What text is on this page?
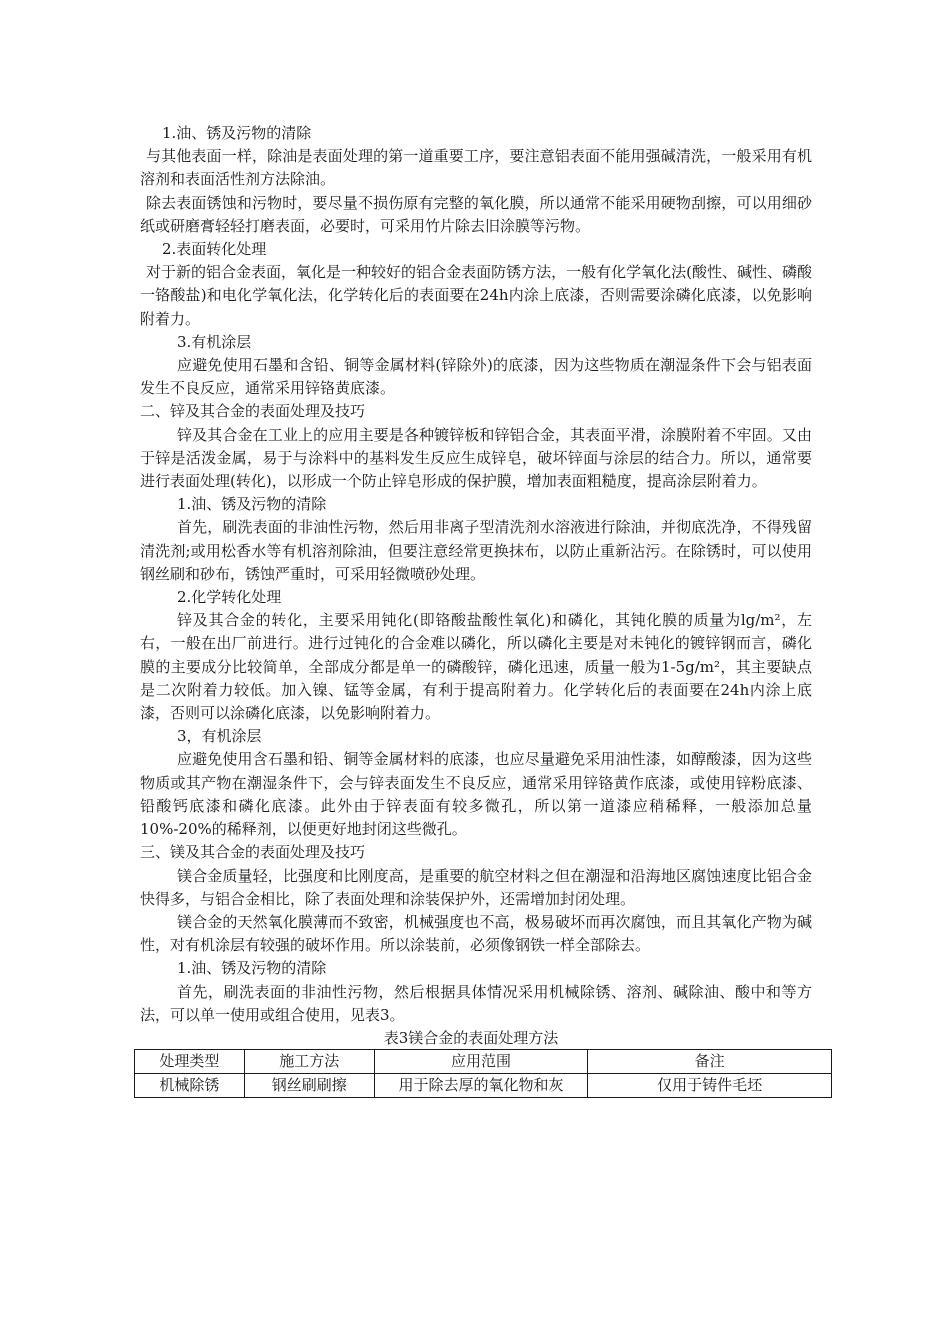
1.油、锈及污物的清除

与其他表面一样，除油是表面处理的第一道重要工序，要注意铝表面不能用强碱清洗，一般采用有机溶剂和表面活性剂方法除油。

除去表面锈蚀和污物时，要尽量不损伤原有完整的氧化膜，所以通常不能采用硬物刮擦，可以用细砂纸或研磨膏轻轻打磨表面，必要时，可采用竹片除去旧涂膜等污物。

2.表面转化处理

对于新的铝合金表面，氧化是一种较好的铝合金表面防锈方法，一般有化学氧化法(酸性、碱性、磷酸一铬酸盐)和电化学氧化法，化学转化后的表面要在24h内涂上底漆，否则需要涂磷化底漆，以免影响附着力。

3.有机涂层

应避免使用石墨和含铅、铜等金属材料(锌除外)的底漆，因为这些物质在潮湿条件下会与铝表面发生不良反应，通常采用锌铬黄底漆。

二、锌及其合金的表面处理及技巧

锌及其合金在工业上的应用主要是各种镀锌板和锌铝合金，其表面平滑，涂膜附着不牢固。又由于锌是活泼金属，易于与涂料中的基料发生反应生成锌皂，破坏锌面与涂层的结合力。所以，通常要进行表面处理(转化)，以形成一个防止锌皂形成的保护膜，增加表面粗糙度，提高涂层附着力。

1.油、锈及污物的清除

首先，刷洗表面的非油性污物，然后用非离子型清洗剂水溶液进行除油，并彻底洗净，不得残留清洗剂;或用松香水等有机溶剂除油，但要注意经常更换抹布，以防止重新沾污。在除锈时，可以使用钢丝刷和砂布，锈蚀严重时，可采用轻微喷砂处理。

2.化学转化处理

锌及其合金的转化，主要采用钝化(即铬酸盐酸性氧化)和磷化，其钝化膜的质量为lg/m²，左右，一般在出厂前进行。进行过钝化的合金难以磷化，所以磷化主要是对未钝化的镀锌钢而言，磷化膜的主要成分比较简单，全部成分都是单一的磷酸锌，磷化迅速，质量一般为1-5g/m²，其主要缺点是二次附着力较低。加入镍、锰等金属，有利于提高附着力。化学转化后的表面要在24h内涂上底漆，否则可以涂磷化底漆，以免影响附着力。

3，有机涂层

应避免使用含石墨和铅、铜等金属材料的底漆，也应尽量避免采用油性漆，如醇酸漆，因为这些物质或其产物在潮湿条件下，会与锌表面发生不良反应，通常采用锌铬黄作底漆，或使用锌粉底漆、铅酸钙底漆和磷化底漆。此外由于锌表面有较多微孔，所以第一道漆应稍稀释，一般添加总量10%-20%的稀释剂，以便更好地封闭这些微孔。

三、镁及其合金的表面处理及技巧

镁合金质量轻，比强度和比刚度高，是重要的航空材料之但在潮湿和沿海地区腐蚀速度比铝合金快得多，与铝合金相比，除了表面处理和涂装保护外，还需增加封闭处理。

镁合金的天然氧化膜薄而不致密，机械强度也不高，极易破坏而再次腐蚀，而且其氧化产物为碱性，对有机涂层有较强的破坏作用。所以涂装前，必须像钢铁一样全部除去。

1.油、锈及污物的清除

首先，刷洗表面的非油性污物，然后根据具体情况采用机械除锈、溶剂、碱除油、酸中和等方法，可以单一使用或组合使用，见表3。

表3镁合金的表面处理方法

处理类型	施工方法	应用范围	备注
机械除锈	钢丝刷刷擦	用于除去厚的氧化物和灰	仅用于铸件毛坯
